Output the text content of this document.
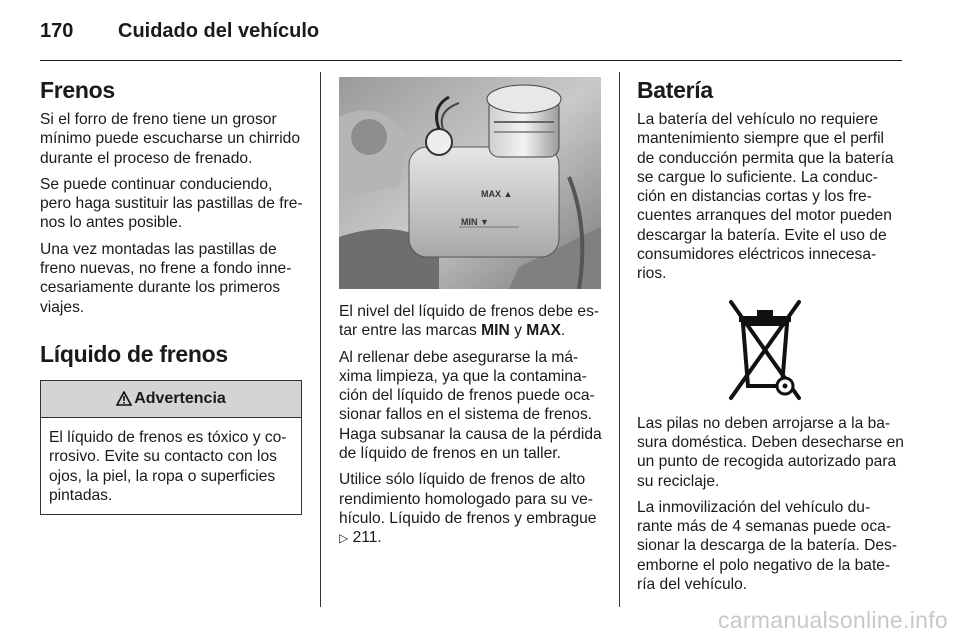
170	Cuidado del vehículo
Frenos

Si el forro de freno tiene un grosor mínimo puede escucharse un chirrido durante el proceso de frenado.

Se puede continuar conduciendo, pero haga sustituir las pastillas de fre-nos lo antes posible.

Una vez montadas las pastillas de freno nuevas, no frene a fondo inne-cesariamente durante los primeros viajes.

Líquido de frenos
Advertencia
El líquido de frenos es tóxico y co-rrosivo. Evite su contacto con los ojos, la piel, la ropa o superficies pintadas.
MAX ▲
MIN ▼

El nivel del líquido de frenos debe es-tar entre las marcas MIN y MAX.

Al rellenar debe asegurarse la má-xima limpieza, ya que la contamina-ción del líquido de frenos puede oca-sionar fallos en el sistema de frenos. Haga subsanar la causa de la pérdida de líquido de frenos en un taller.

Utilice sólo líquido de frenos de alto rendimiento homologado para su ve-hículo. Líquido de frenos y embrague ▷ 211.

Batería

La batería del vehículo no requiere mantenimiento siempre que el perfil de conducción permita que la batería se cargue lo suficiente. La conduc-ción en distancias cortas y los fre-cuentes arranques del motor pueden descargar la batería. Evite el uso de consumidores eléctricos innecesa-rios.

Las pilas no deben arrojarse a la ba-sura doméstica. Deben desecharse en un punto de recogida autorizado para su reciclaje.

La inmovilización del vehículo du-rante más de 4 semanas puede oca-sionar la descarga de la batería. Des-emborne el polo negativo de la bate-ría del vehículo.

carmanualsonline.info
